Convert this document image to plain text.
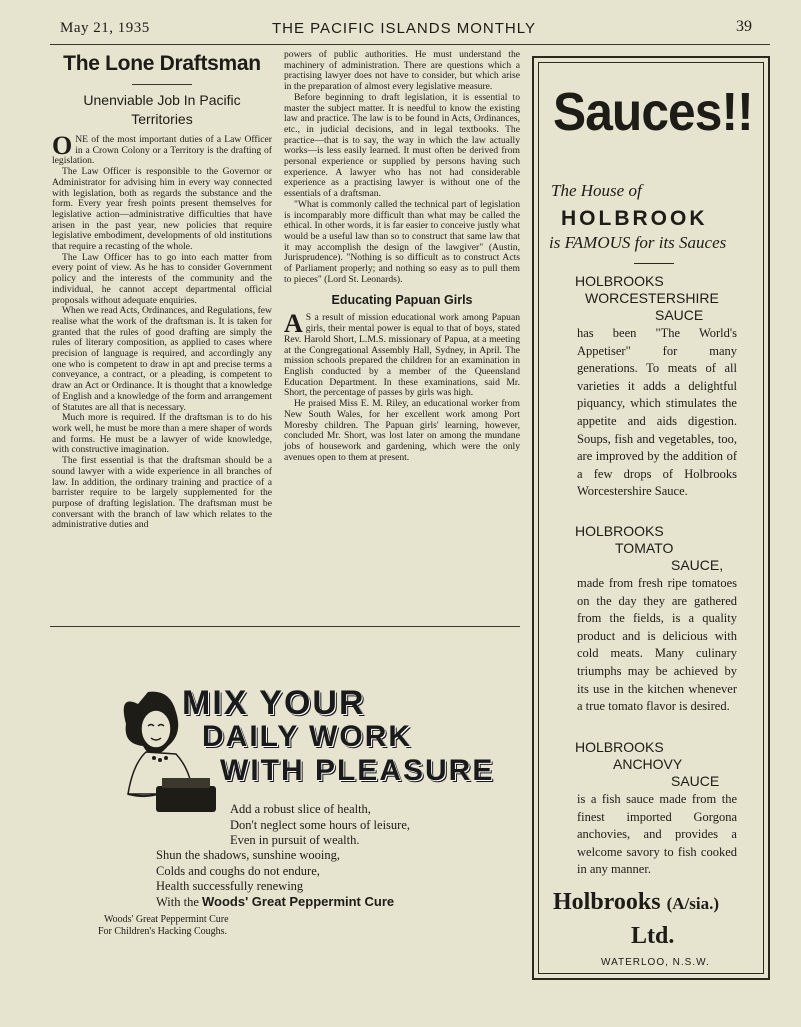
May 21, 1935	THE PACIFIC ISLANDS MONTHLY	39
The Lone Draftsman
Unenviable Job In Pacific Territories

ONE of the most important duties of a Law Officer in a Crown Colony or a Territory is the drafting of legislation.

The Law Officer is responsible to the Governor or Administrator for advising him in every way connected with legislation, both as regards the substance and the form. Every year fresh points present themselves for legislative action—administrative difficulties that have arisen in the past year, new policies that require legislative embodiment, developments of old institutions that require a recasting of the whole.

The Law Officer has to go into each matter from every point of view. As he has to consider Government policy and the interests of the community and the individual, he cannot accept departmental official proposals without adequate enquiries.

When we read Acts, Ordinances, and Regulations, few realise what the work of the draftsman is. It is taken for granted that the rules of good drafting are simply the rules of literary composition, as applied to cases where precision of language is required, and accordingly any one who is competent to draw in apt and precise terms a conveyance, a contract, or a pleading, is competent to draw an Act or Ordinance. It is thought that a knowledge of English and a knowledge of the form and arrangement of Statutes are all that is necessary.

Much more is required. If the draftsman is to do his work well, he must be more than a mere shaper of words and forms. He must be a lawyer of wide knowledge, with constructive imagination.

The first essential is that the draftsman should be a sound lawyer with a wide experience in all branches of law. In addition, the ordinary training and practice of a barrister require to be largely supplemented for the purpose of drafting legislation. The draftsman must be conversant with the branch of law which relates to the administrative duties and

powers of public authorities. He must understand the machinery of administration. There are questions which a practising lawyer does not have to consider, but which arise in the preparation of almost every legislative measure.

Before beginning to draft legislation, it is essential to master the subject matter. It is needful to know the existing law and practice. The law is to be found in Acts, Ordinances, etc., in judicial decisions, and in legal textbooks. The practice—that is to say, the way in which the law actually works—is less easily learned. It must often be derived from personal experience or supplied by persons having such experience. A lawyer who has not had considerable experience as a practising lawyer is without one of the essentials of a draftsman.

"What is commonly called the technical part of legislation is incomparably more difficult than what may be called the ethical. In other words, it is far easier to conceive justly what would be a useful law than so to construct that same law that it may accomplish the design of the lawgiver" (Austin, Jurisprudence). "Nothing is so difficult as to construct Acts of Parliament properly; and nothing so easy as to pull them to pieces" (Lord St. Leonards).

Educating Papuan Girls

A S a result of mission educational work among Papuan girls, their mental power is equal to that of boys, stated Rev. Harold Short, L.M.S. missionary of Papua, at a meeting at the Congregational Assembly Hall, Sydney, in April. The mission schools prepared the children for an examination in English conducted by a member of the Queensland Education Department. In these examinations, said Mr. Short, the percentage of passes by girls was high.

He praised Miss E. M. Riley, an educational worker from New South Wales, for her excellent work among Port Moresby children. The Papuan girls' learning, however, concluded Mr. Short, was lost later on among the mundane jobs of housework and gardening, which were the only avenues open to them at present.

MIX YOUR
DAILY WORK
WITH PLEASURE
Add a robust slice of health,
Don't neglect some hours of leisure,
Even in pursuit of wealth.
Shun the shadows, sunshine wooing,
Colds and coughs do not endure,
Health successfully renewing
With the Woods' Great Peppermint Cure
Woods' Great Peppermint Cure
For Children's Hacking Coughs.
Sauces!!
The House of
HOLBROOK
is FAMOUS for its Sauces
HOLBROOKS
WORCESTERSHIRE
SAUCE
has been "The World's Appetiser" for many generations. To meats of all varieties it adds a delightful piquancy, which stimulates the appetite and aids digestion. Soups, fish and vegetables, too, are improved by the addition of a few drops of Holbrooks Worcestershire Sauce.
HOLBROOKS
TOMATO
SAUCE,
made from fresh ripe tomatoes on the day they are gathered from the fields, is a quality product and is delicious with cold meats. Many culinary triumphs may be achieved by its use in the kitchen whenever a true tomato flavor is desired.
HOLBROOKS
ANCHOVY
SAUCE
is a fish sauce made from the finest imported Gorgona anchovies, and provides a welcome savory to fish cooked in any manner.
Holbrooks (A/sia.)
Ltd.
WATERLOO, N.S.W.
